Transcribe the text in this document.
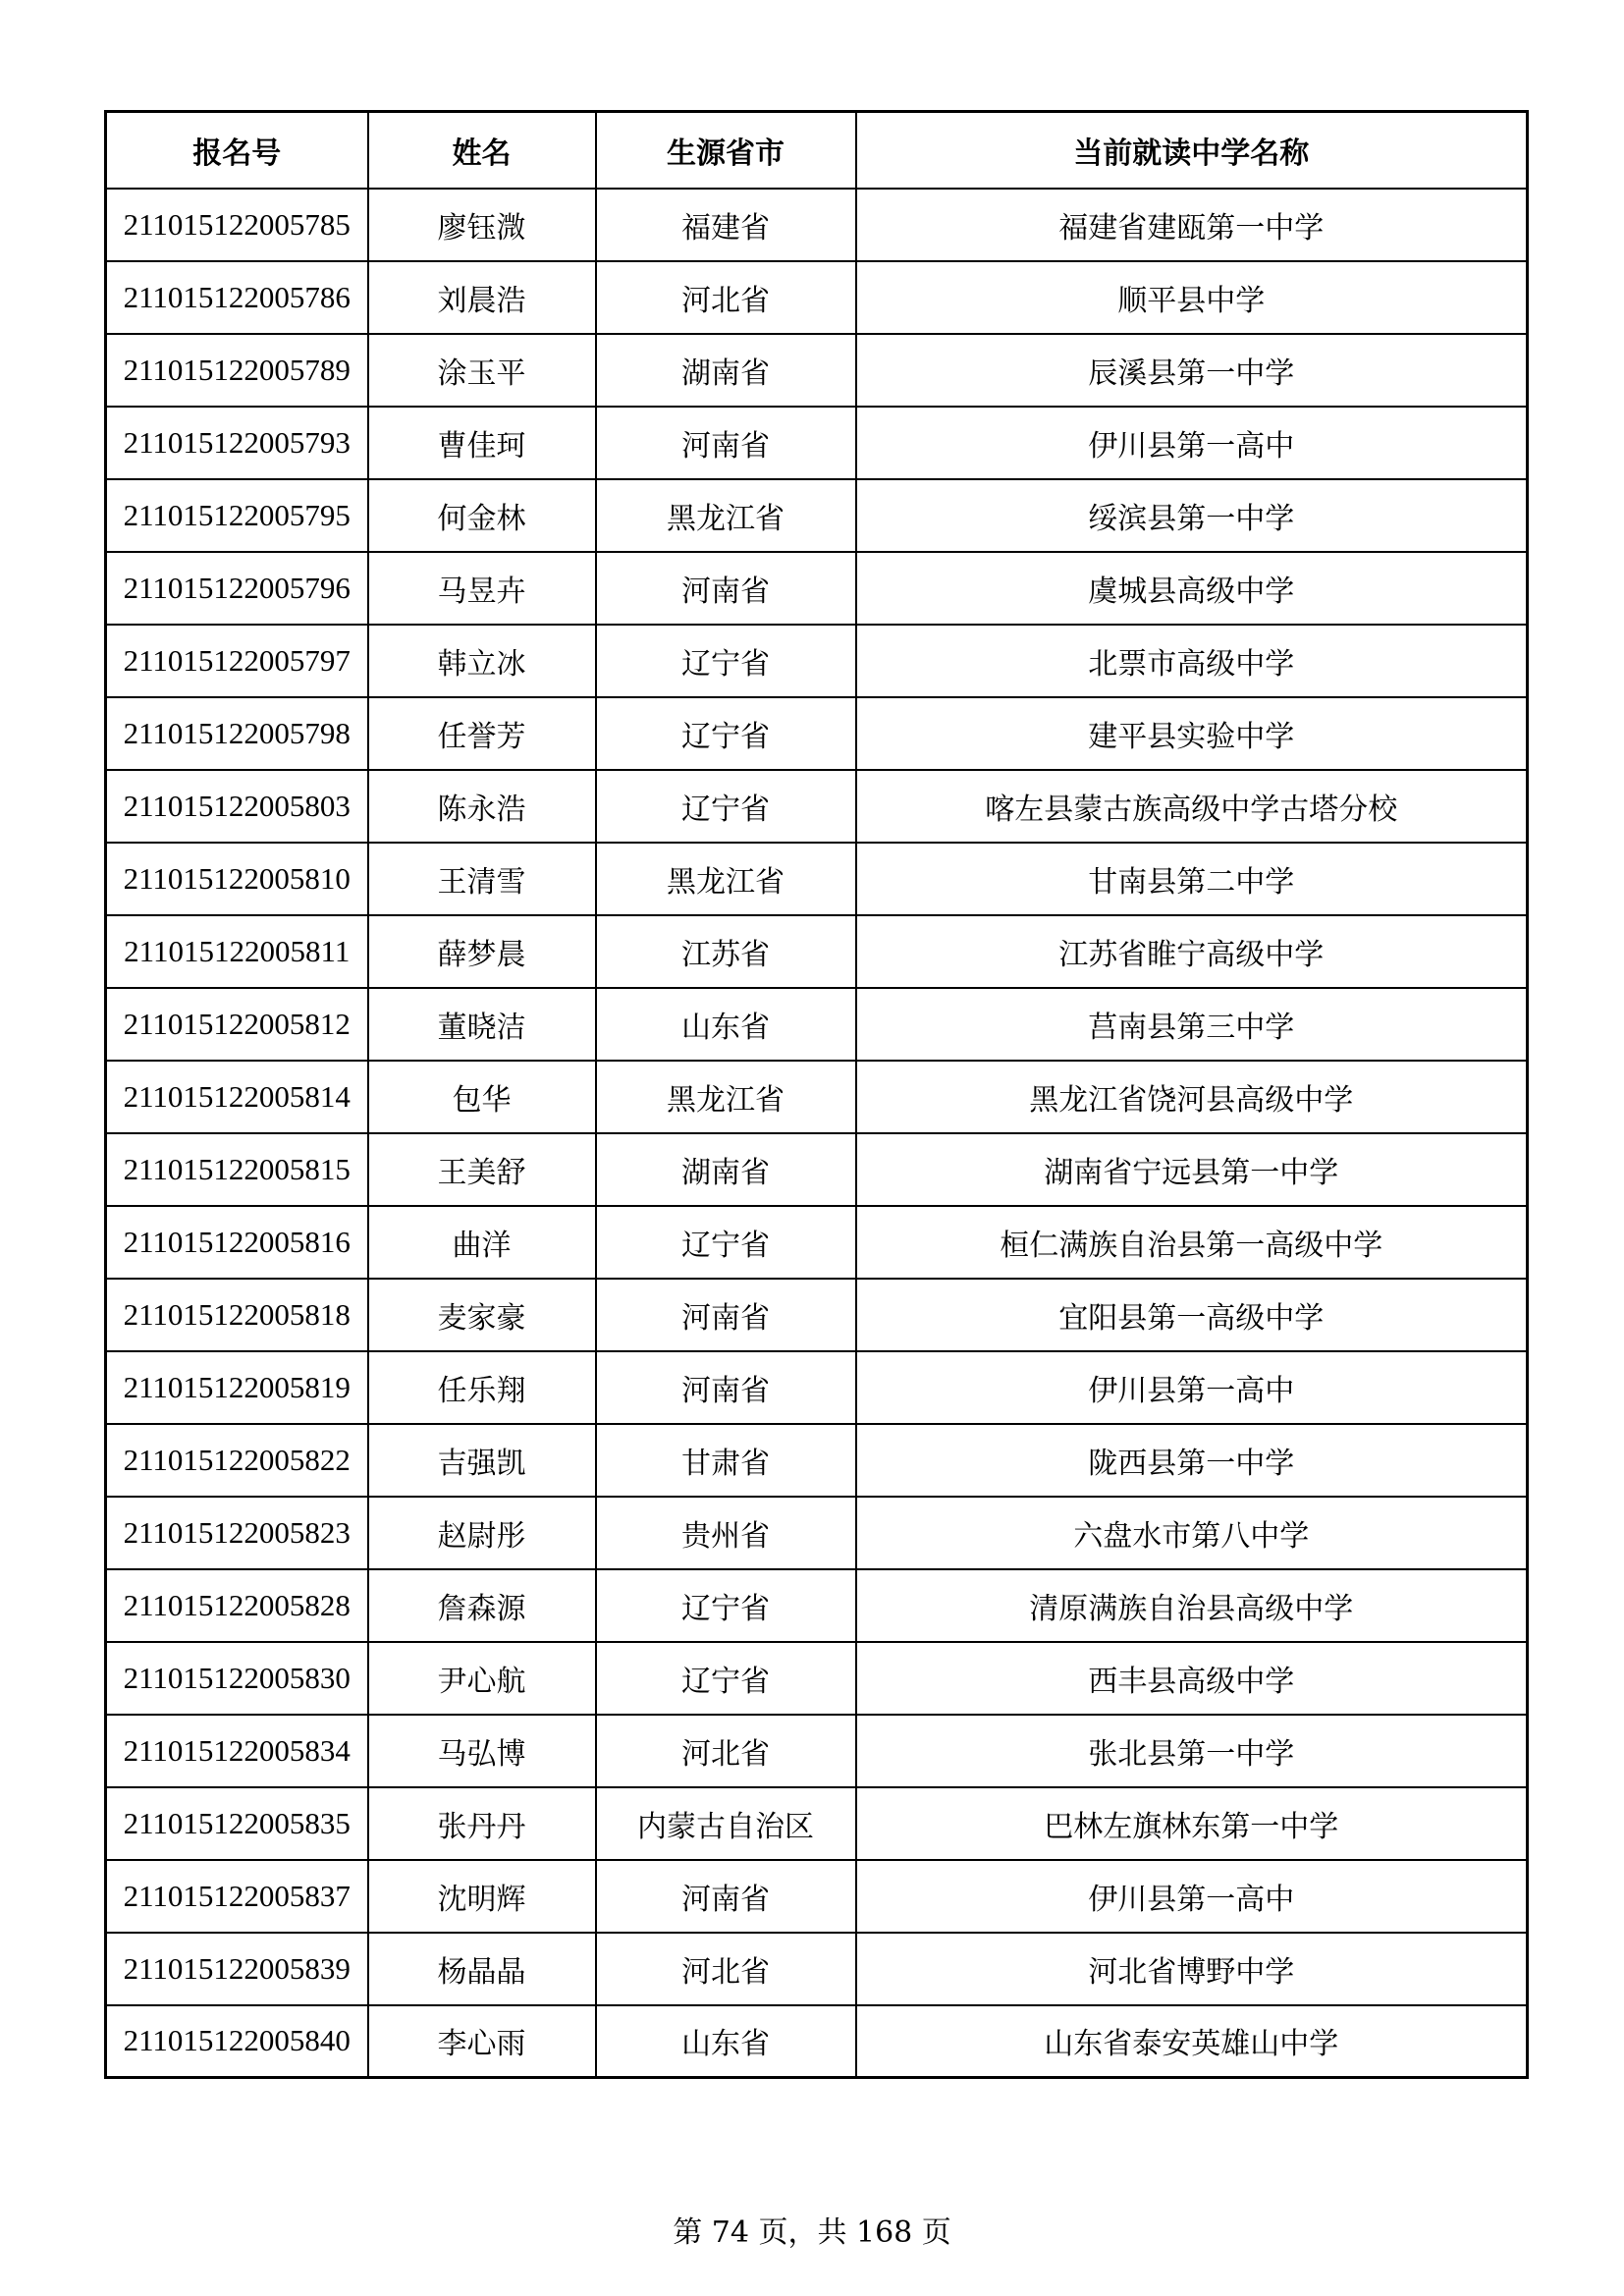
报名号	姓名	生源省市	当前就读中学名称
211015122005785	廖钰溦	福建省	福建省建瓯第一中学
211015122005786	刘晨浩	河北省	顺平县中学
211015122005789	涂玉平	湖南省	辰溪县第一中学
211015122005793	曹佳珂	河南省	伊川县第一高中
211015122005795	何金林	黑龙江省	绥滨县第一中学
211015122005796	马昱卉	河南省	虞城县高级中学
211015122005797	韩立冰	辽宁省	北票市高级中学
211015122005798	任誉芳	辽宁省	建平县实验中学
211015122005803	陈永浩	辽宁省	喀左县蒙古族高级中学古塔分校
211015122005810	王清雪	黑龙江省	甘南县第二中学
211015122005811	薛梦晨	江苏省	江苏省睢宁高级中学
211015122005812	董晓洁	山东省	莒南县第三中学
211015122005814	包华	黑龙江省	黑龙江省饶河县高级中学
211015122005815	王美舒	湖南省	湖南省宁远县第一中学
211015122005816	曲洋	辽宁省	桓仁满族自治县第一高级中学
211015122005818	麦家豪	河南省	宜阳县第一高级中学
211015122005819	任乐翔	河南省	伊川县第一高中
211015122005822	吉强凯	甘肃省	陇西县第一中学
211015122005823	赵尉彤	贵州省	六盘水市第八中学
211015122005828	詹森源	辽宁省	清原满族自治县高级中学
211015122005830	尹心航	辽宁省	西丰县高级中学
211015122005834	马弘博	河北省	张北县第一中学
211015122005835	张丹丹	内蒙古自治区	巴林左旗林东第一中学
211015122005837	沈明辉	河南省	伊川县第一高中
211015122005839	杨晶晶	河北省	河北省博野中学
211015122005840	李心雨	山东省	山东省泰安英雄山中学
第 74 页，共 168 页
